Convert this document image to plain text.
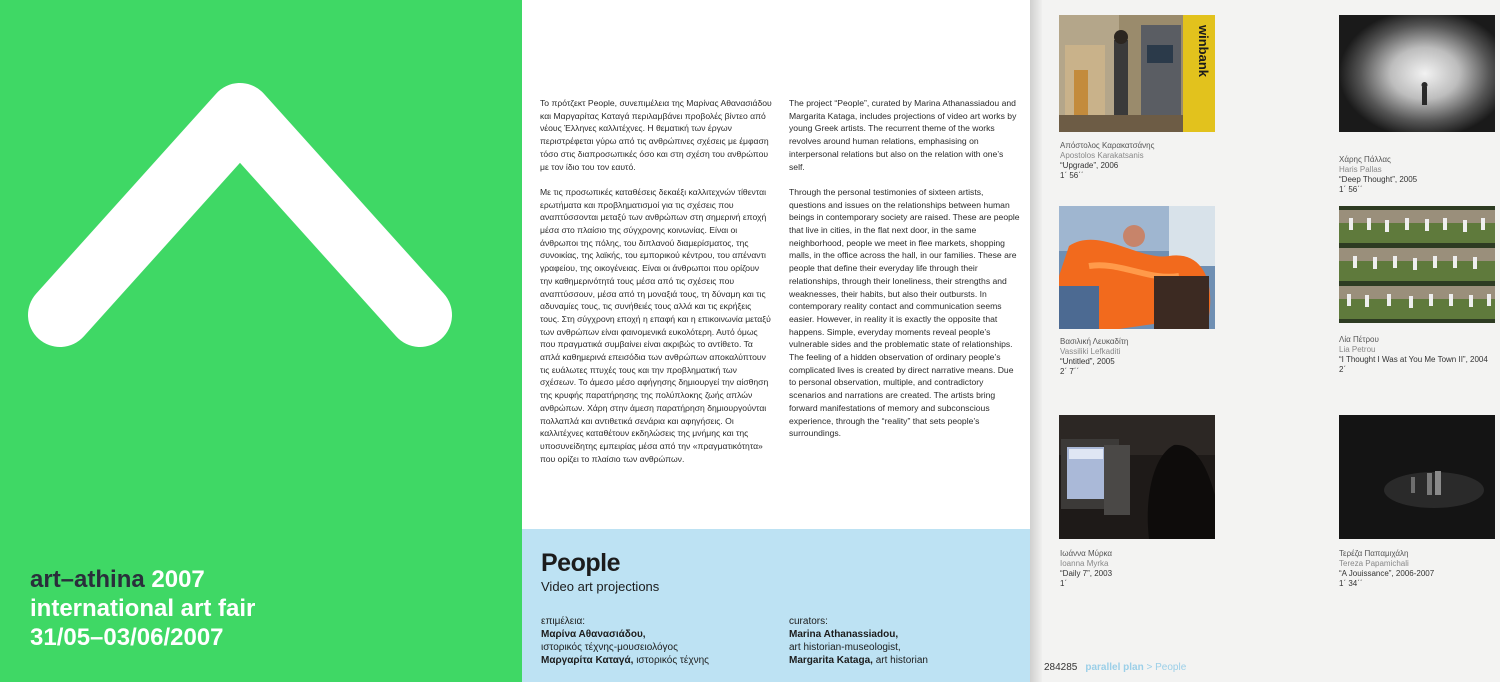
art–athina 2007
international art fair
31/05–03/06/2007

Το πρότζεκτ People, συνεπιμέλεια της Μαρίνας Αθανασιάδου και Μαργαρίτας Καταγά περιλαμβάνει προβολές βίντεο από νέους Έλληνες καλλιτέχνες. Η θεματική των έργων περιστρέφεται γύρω από τις ανθρώπινες σχέσεις με έμφαση τόσο στις διαπροσωπικές όσο και στη σχέση του ανθρώπου με τον ίδιο του τον εαυτό.

Με τις προσωπικές καταθέσεις δεκαέξι καλλιτεχνών τίθενται ερωτήματα και προβληματισμοί για τις σχέσεις που αναπτύσσονται μεταξύ των ανθρώπων στη σημερινή εποχή μέσα στο πλαίσιο της σύγχρονης κοινωνίας. Είναι οι άνθρωποι της πόλης, του διπλανού διαμερίσματος, της συνοικίας, της λαϊκής, του εμπορικού κέντρου, του απέναντι γραφείου, της οικογένειας. Είναι οι άνθρωποι που ορίζουν την καθημερινότητά τους μέσα από τις σχέσεις που αναπτύσσουν, μέσα από τη μοναξιά τους, τη δύναμη και τις αδυναμίες τους, τις συνήθειές τους αλλά και τις εκρήξεις τους. Στη σύγχρονη εποχή η επαφή και η επικοινωνία μεταξύ των ανθρώπων είναι φαινομενικά ευκολότερη. Αυτό όμως που πραγματικά συμβαίνει είναι ακριβώς το αντίθετο. Τα απλά καθημερινά επεισόδια των ανθρώπων αποκαλύπτουν τις ευάλωτες πτυχές τους και την προβληματική των σχέσεων. Το άμεσο μέσο αφήγησης δημιουργεί την αίσθηση της κρυφής παρατήρησης της πολύπλοκης ζωής απλών ανθρώπων. Χάρη στην άμεση παρατήρηση δημιουργούνται πολλαπλά και αντιθετικά σενάρια και αφηγήσεις. Οι καλλιτέχνες καταθέτουν εκδηλώσεις της μνήμης και της υποσυνείδητης εμπειρίας μέσα από την «πραγματικότητα» που ορίζει το πλαίσιο των ανθρώπων.

The project “People”, curated by Marina Athanassiadou and Margarita Kataga, includes projections of video art works by young Greek artists. The recurrent theme of the works revolves around human relations, emphasising on interpersonal relations but also on the relation with one’s self.

Through the personal testimonies of sixteen artists, questions and issues on the relationships between human beings in contemporary society are raised. These are people that live in cities, in the flat next door, in the same neighborhood, people we meet in flee markets, shopping malls, in the office across the hall, in our families. These are people that define their everyday life through their relationships, through their loneliness, their strengths and weaknesses, their habits, but also their outbursts. In contemporary reality contact and communication seems easier. However, in reality it is exactly the opposite that happens. Simple, everyday moments reveal people’s vulnerable sides and the problematic state of relationships. The feeling of a hidden observation of ordinary people’s complicated lives is created by direct narrative means. Due to personal observation, multiple, and contradictory scenarios and narrations are created. The artists bring forward manifestations of memory and subconscious experience, through the “reality” that sets people’s surroundings.

People
Video art projections
επιμέλεια:
Μαρίνα Αθανασιάδου,
ιστορικός τέχνης-μουσειολόγος
Μαργαρίτα Καταγά, ιστορικός τέχνης
curators:
Marina Athanassiadou,
art historian-museologist,
Margarita Kataga, art historian
winbank
Απόστολος Καρακατσάνης
Apostolos Karakatsanis
“Upgrade”, 2006
1΄ 56΄΄
Χάρης Πάλλας
Haris Pallas
“Deep Thought”, 2005
1΄ 56΄΄
Βασιλική Λευκαδίτη
Vassiliki Lefkaditi
“Untitled”, 2005
2΄ 7΄΄
Λία Πέτρου
Lia Petrou
“I Thought I Was at You Me Town II”, 2004
2΄
Ιωάννα Μύρκα
Ioanna Myrka
“Daily 7”, 2003
1΄
Τερέζα Παπαμιχάλη
Tereza Papamichali
“A Jouissance”, 2006-2007
1΄ 34΄΄
284285 parallel plan > People
